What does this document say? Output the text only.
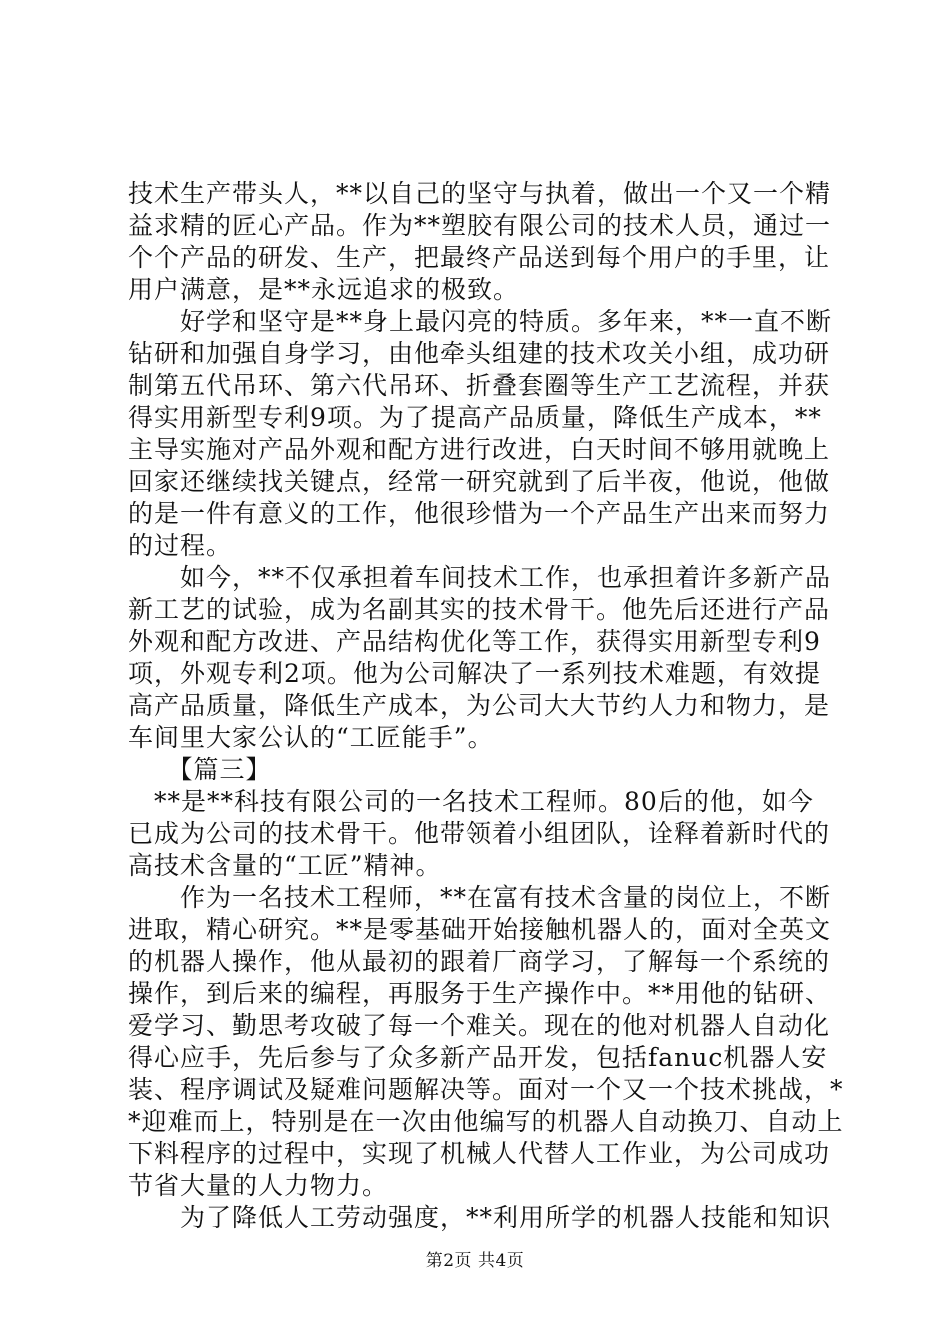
技术生产带头人，**以自己的坚守与执着，做出一个又一个精
益求精的匠心产品。作为**塑胶有限公司的技术人员，通过一
个个产品的研发、生产，把最终产品送到每个用户的手里，让
用户满意，是**永远追求的极致。
　　好学和坚守是**身上最闪亮的特质。多年来，**一直不断
钻研和加强自身学习，由他牵头组建的技术攻关小组，成功研
制第五代吊环、第六代吊环、折叠套圈等生产工艺流程，并获
得实用新型专利9项。为了提高产品质量，降低生产成本，**
主导实施对产品外观和配方进行改进，白天时间不够用就晚上
回家还继续找关键点，经常一研究就到了后半夜，他说，他做
的是一件有意义的工作，他很珍惜为一个产品生产出来而努力
的过程。
　　如今，**不仅承担着车间技术工作，也承担着许多新产品
新工艺的试验，成为名副其实的技术骨干。他先后还进行产品
外观和配方改进、产品结构优化等工作，获得实用新型专利9
项，外观专利2项。他为公司解决了一系列技术难题，有效提
高产品质量，降低生产成本，为公司大大节约人力和物力，是
车间里大家公认的“工匠能手”。
　　【篇三】
　**是**科技有限公司的一名技术工程师。80后的他，如今
已成为公司的技术骨干。他带领着小组团队，诠释着新时代的
高技术含量的“工匠”精神。
　　作为一名技术工程师，**在富有技术含量的岗位上，不断
进取，精心研究。**是零基础开始接触机器人的，面对全英文
的机器人操作，他从最初的跟着厂商学习，了解每一个系统的
操作，到后来的编程，再服务于生产操作中。**用他的钻研、
爱学习、勤思考攻破了每一个难关。现在的他对机器人自动化
得心应手，先后参与了众多新产品开发，包括fanuc机器人安
装、程序调试及疑难问题解决等。面对一个又一个技术挑战，*
*迎难而上，特别是在一次由他编写的机器人自动换刀、自动上
下料程序的过程中，实现了机械人代替人工作业，为公司成功
节省大量的人力物力。
　　为了降低人工劳动强度，**利用所学的机器人技能和知识
第2页 共4页
